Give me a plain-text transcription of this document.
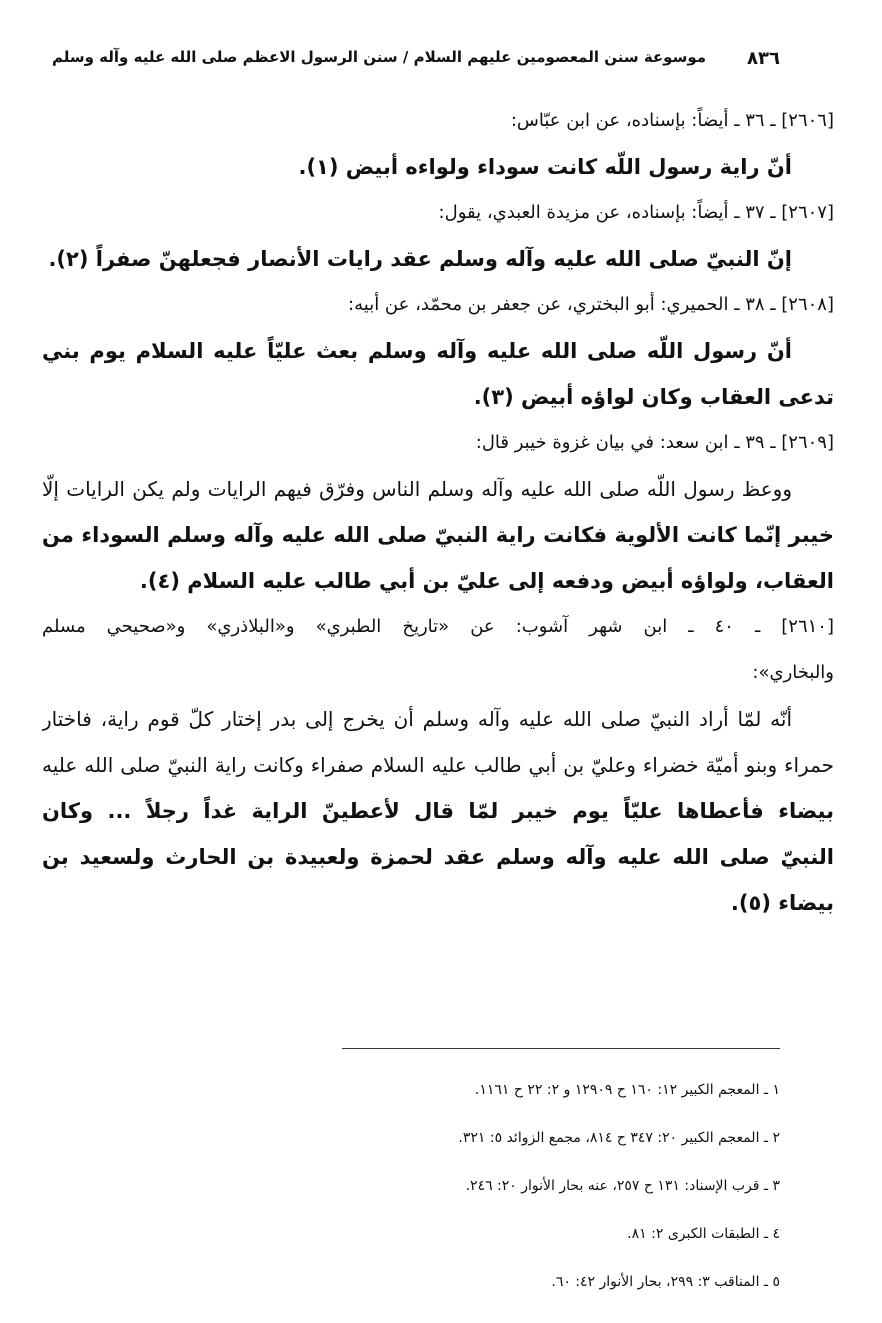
٨٣٦
موسوعة سنن المعصومين عليهم السلام / سنن الرسول الاعظم صلى الله عليه وآله وسلم
[٢٦٠٦] ـ ٣٦ ـ أيضاً: بإسناده، عن ابن عبّاس:
أنّ راية رسول اللّه كانت سوداء ولواءه أبيض (١).
[٢٦٠٧] ـ ٣٧ ـ أيضاً: بإسناده، عن مزيدة العبدي، يقول:
إنّ النبيّ صلى الله عليه وآله وسلم عقد رايات الأنصار فجعلهنّ صفراً (٢).
[٢٦٠٨] ـ ٣٨ ـ الحميري: أبو البختري، عن جعفر بن محمّد، عن أبيه:
أنّ رسول اللّه صلى الله عليه وآله وسلم بعث عليّاً عليه السلام يوم بني
تدعى العقاب وكان لواؤه أبيض (٣).
[٢٦٠٩] ـ ٣٩ ـ ابن سعد: في بيان غزوة خيبر قال:
ووعظ رسول اللّه صلى الله عليه وآله وسلم الناس وفرّق فيهم الرايات ولم يكن الرايات إلّا
خيبر إنّما كانت الألوية فكانت راية النبيّ صلى الله عليه وآله وسلم السوداء من
العقاب، ولواؤه أبيض ودفعه إلى عليّ بن أبي طالب عليه السلام (٤).
[٢٦١٠] ـ ٤٠ ـ ابن شهر آشوب: عن «تاريخ الطبري» و«البلاذري» و«صحيحي مسلم
والبخاري»:
أنّه لمّا أراد النبيّ صلى الله عليه وآله وسلم أن يخرج إلى بدر إختار كلّ قوم راية، فاختار
حمراء وبنو أميّة خضراء وعليّ بن أبي طالب عليه السلام صفراء وكانت راية النبيّ صلى الله عليه
بيضاء فأعطاها عليّاً يوم خيبر لمّا قال لأعطينّ الراية غداً رجلاً ... وكان
النبيّ صلى الله عليه وآله وسلم عقد لحمزة ولعبيدة بن الحارث ولسعيد بن
بيضاء (٥).
١ ـ المعجم الكبير ١٢: ١٦٠ ح ١٢٩٠٩ و ٢: ٢٢ ح ١١٦١.
٢ ـ المعجم الكبير ٢٠: ٣٤٧ ح ٨١٤، مجمع الزوائد ٥: ٣٢١.
٣ ـ قرب الإسناد: ١٣١ ح ٢٥٧، عنه بحار الأنوار ٢٠: ٢٤٦.
٤ ـ الطبقات الكبرى ٢: ٨١.
٥ ـ المناقب ٣: ٢٩٩، بحار الأنوار ٤٢: ٦٠.
